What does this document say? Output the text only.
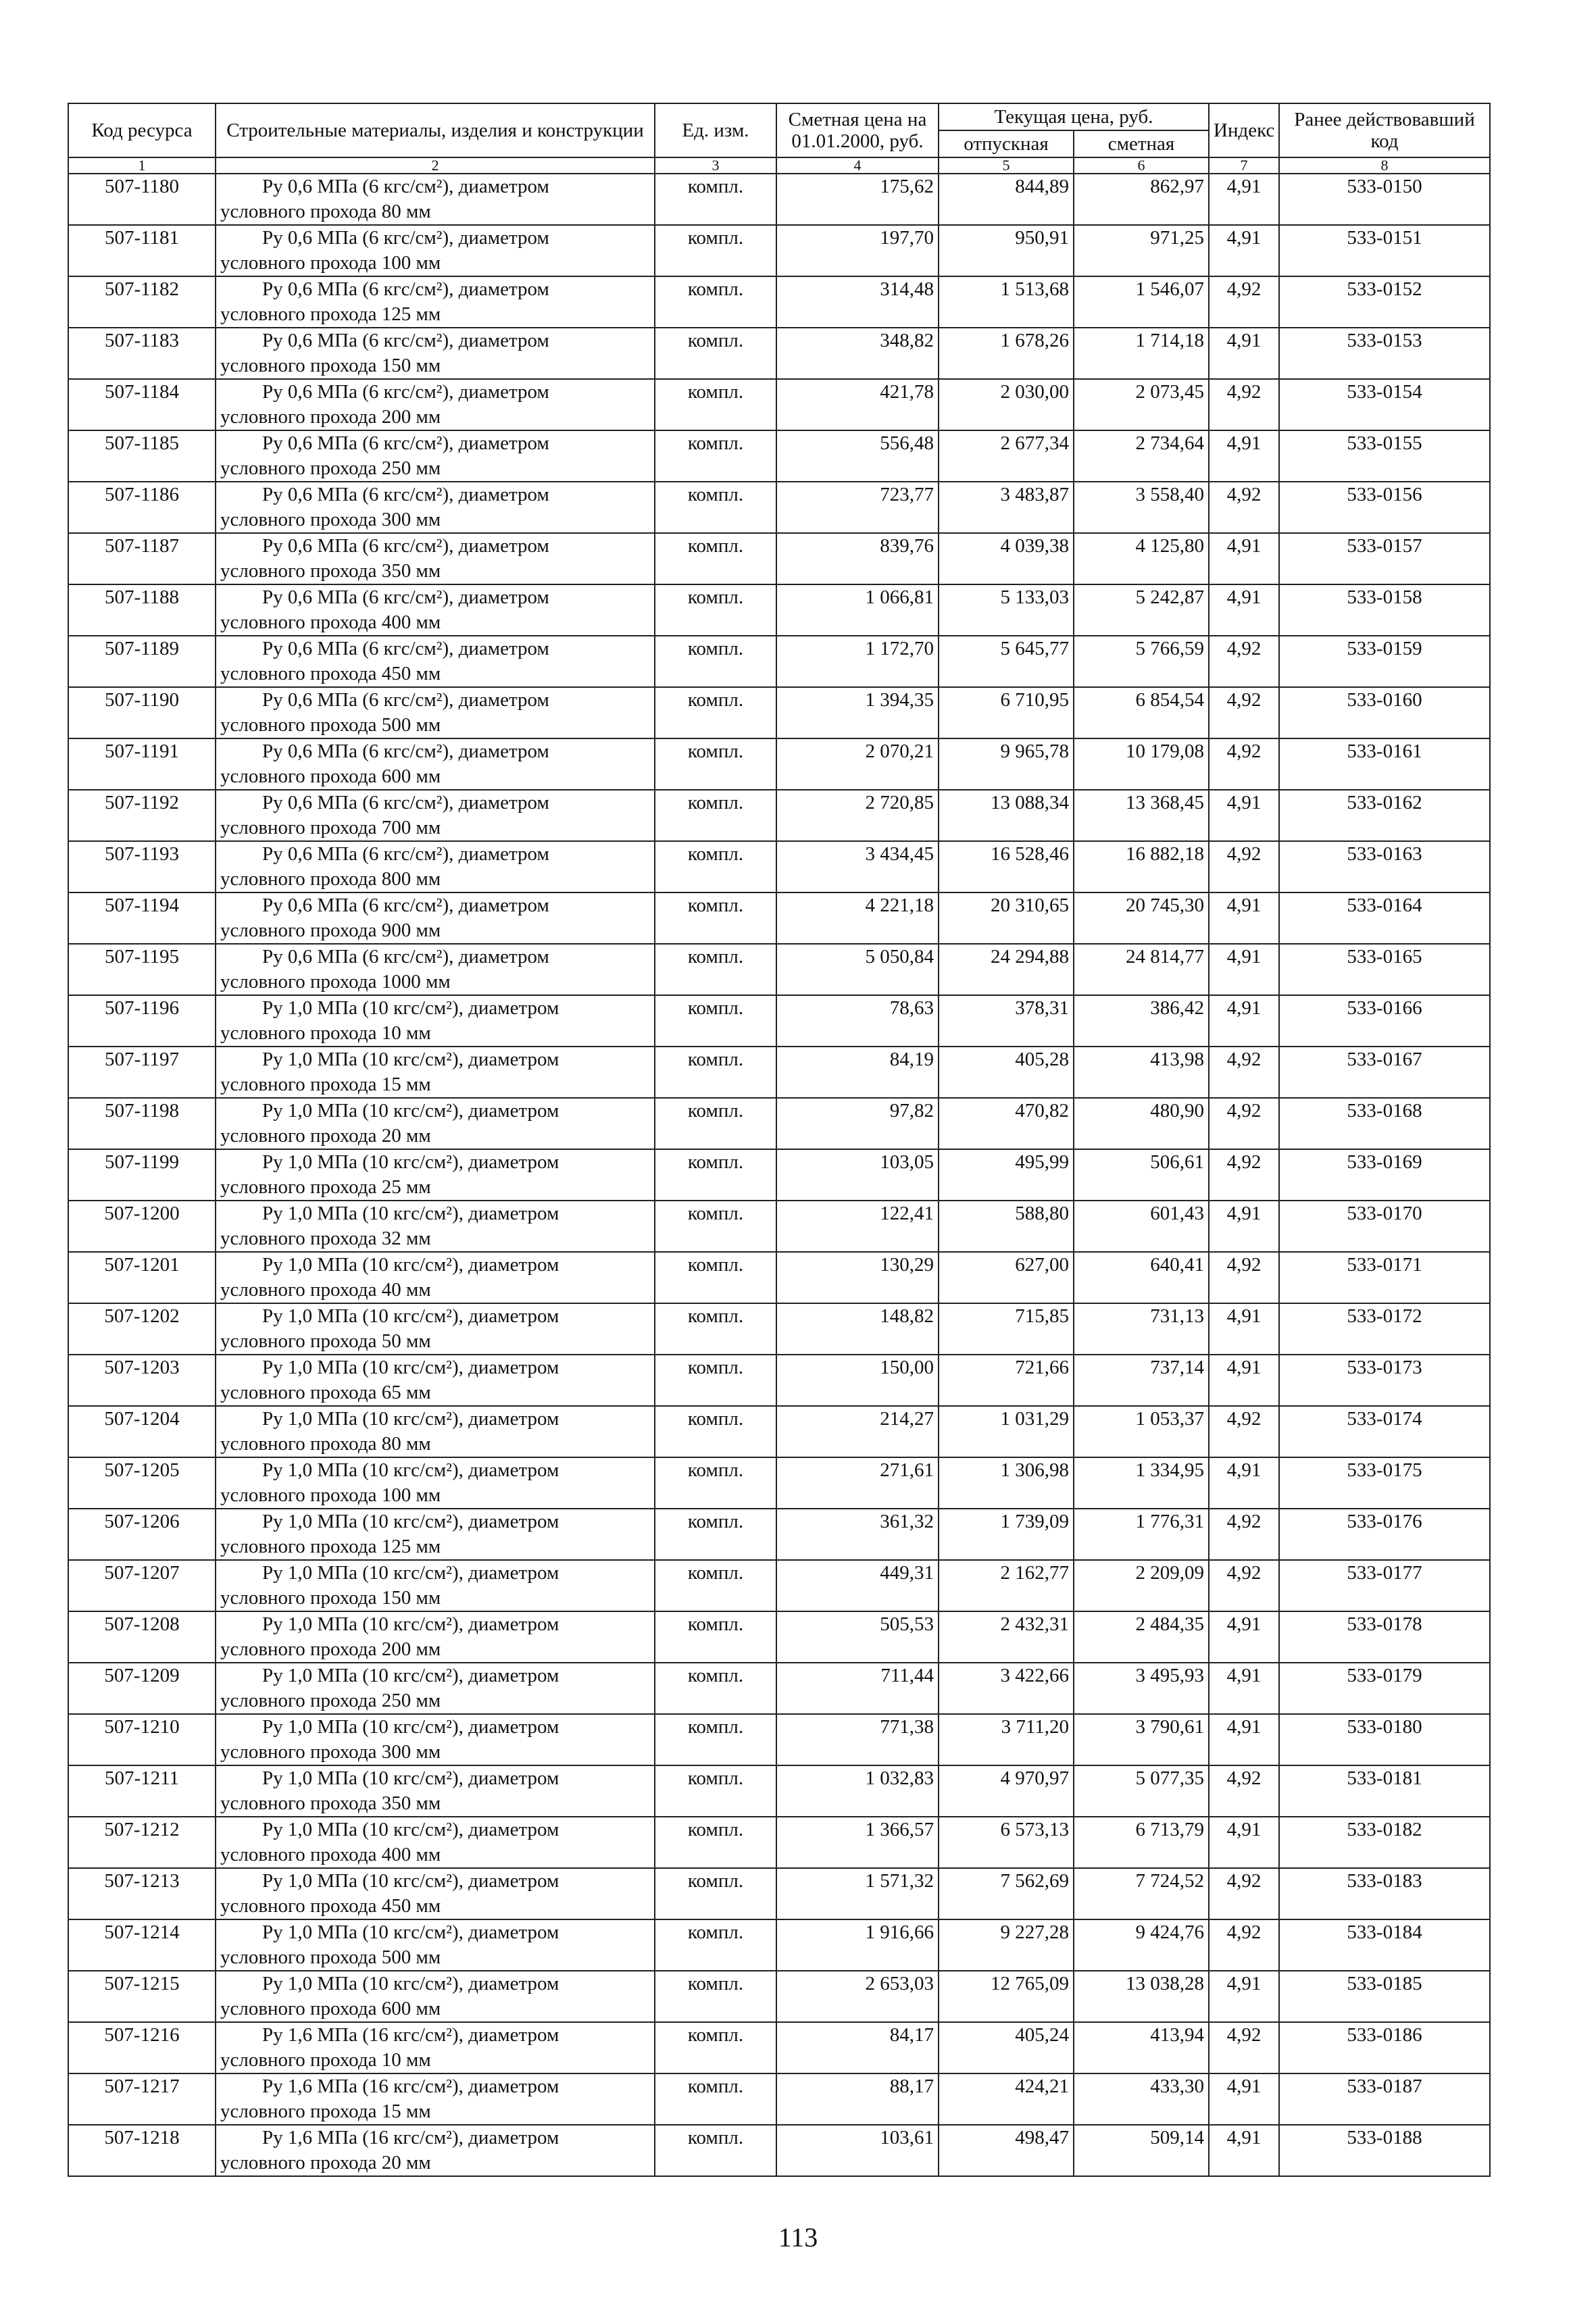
Код ресурса	Строительные материалы, изделия и конструкции	Ед. изм.	Сметная цена на 01.01.2000, руб.	Текущая цена, руб.		Индекс	Ранее действовавший код
				отпускная	сметная		
1	2	3	4	5	6	7	8
507-1180	Ру 0,6 МПа (6 кгс/см²), диаметром
условного прохода 80 мм	компл.	175,62	844,89	862,97	4,91	533-0150
507-1181	Ру 0,6 МПа (6 кгс/см²), диаметром
условного прохода 100 мм	компл.	197,70	950,91	971,25	4,91	533-0151
507-1182	Ру 0,6 МПа (6 кгс/см²), диаметром
условного прохода 125 мм	компл.	314,48	1 513,68	1 546,07	4,92	533-0152
507-1183	Ру 0,6 МПа (6 кгс/см²), диаметром
условного прохода 150 мм	компл.	348,82	1 678,26	1 714,18	4,91	533-0153
507-1184	Ру 0,6 МПа (6 кгс/см²), диаметром
условного прохода 200 мм	компл.	421,78	2 030,00	2 073,45	4,92	533-0154
507-1185	Ру 0,6 МПа (6 кгс/см²), диаметром
условного прохода 250 мм	компл.	556,48	2 677,34	2 734,64	4,91	533-0155
507-1186	Ру 0,6 МПа (6 кгс/см²), диаметром
условного прохода 300 мм	компл.	723,77	3 483,87	3 558,40	4,92	533-0156
507-1187	Ру 0,6 МПа (6 кгс/см²), диаметром
условного прохода 350 мм	компл.	839,76	4 039,38	4 125,80	4,91	533-0157
507-1188	Ру 0,6 МПа (6 кгс/см²), диаметром
условного прохода 400 мм	компл.	1 066,81	5 133,03	5 242,87	4,91	533-0158
507-1189	Ру 0,6 МПа (6 кгс/см²), диаметром
условного прохода 450 мм	компл.	1 172,70	5 645,77	5 766,59	4,92	533-0159
507-1190	Ру 0,6 МПа (6 кгс/см²), диаметром
условного прохода 500 мм	компл.	1 394,35	6 710,95	6 854,54	4,92	533-0160
507-1191	Ру 0,6 МПа (6 кгс/см²), диаметром
условного прохода 600 мм	компл.	2 070,21	9 965,78	10 179,08	4,92	533-0161
507-1192	Ру 0,6 МПа (6 кгс/см²), диаметром
условного прохода 700 мм	компл.	2 720,85	13 088,34	13 368,45	4,91	533-0162
507-1193	Ру 0,6 МПа (6 кгс/см²), диаметром
условного прохода 800 мм	компл.	3 434,45	16 528,46	16 882,18	4,92	533-0163
507-1194	Ру 0,6 МПа (6 кгс/см²), диаметром
условного прохода 900 мм	компл.	4 221,18	20 310,65	20 745,30	4,91	533-0164
507-1195	Ру 0,6 МПа (6 кгс/см²), диаметром
условного прохода 1000 мм	компл.	5 050,84	24 294,88	24 814,77	4,91	533-0165
507-1196	Ру 1,0 МПа (10 кгс/см²), диаметром
условного прохода 10 мм	компл.	78,63	378,31	386,42	4,91	533-0166
507-1197	Ру 1,0 МПа (10 кгс/см²), диаметром
условного прохода 15 мм	компл.	84,19	405,28	413,98	4,92	533-0167
507-1198	Ру 1,0 МПа (10 кгс/см²), диаметром
условного прохода 20 мм	компл.	97,82	470,82	480,90	4,92	533-0168
507-1199	Ру 1,0 МПа (10 кгс/см²), диаметром
условного прохода 25 мм	компл.	103,05	495,99	506,61	4,92	533-0169
507-1200	Ру 1,0 МПа (10 кгс/см²), диаметром
условного прохода 32 мм	компл.	122,41	588,80	601,43	4,91	533-0170
507-1201	Ру 1,0 МПа (10 кгс/см²), диаметром
условного прохода 40 мм	компл.	130,29	627,00	640,41	4,92	533-0171
507-1202	Ру 1,0 МПа (10 кгс/см²), диаметром
условного прохода 50 мм	компл.	148,82	715,85	731,13	4,91	533-0172
507-1203	Ру 1,0 МПа (10 кгс/см²), диаметром
условного прохода 65 мм	компл.	150,00	721,66	737,14	4,91	533-0173
507-1204	Ру 1,0 МПа (10 кгс/см²), диаметром
условного прохода 80 мм	компл.	214,27	1 031,29	1 053,37	4,92	533-0174
507-1205	Ру 1,0 МПа (10 кгс/см²), диаметром
условного прохода 100 мм	компл.	271,61	1 306,98	1 334,95	4,91	533-0175
507-1206	Ру 1,0 МПа (10 кгс/см²), диаметром
условного прохода 125 мм	компл.	361,32	1 739,09	1 776,31	4,92	533-0176
507-1207	Ру 1,0 МПа (10 кгс/см²), диаметром
условного прохода 150 мм	компл.	449,31	2 162,77	2 209,09	4,92	533-0177
507-1208	Ру 1,0 МПа (10 кгс/см²), диаметром
условного прохода 200 мм	компл.	505,53	2 432,31	2 484,35	4,91	533-0178
507-1209	Ру 1,0 МПа (10 кгс/см²), диаметром
условного прохода 250 мм	компл.	711,44	3 422,66	3 495,93	4,91	533-0179
507-1210	Ру 1,0 МПа (10 кгс/см²), диаметром
условного прохода 300 мм	компл.	771,38	3 711,20	3 790,61	4,91	533-0180
507-1211	Ру 1,0 МПа (10 кгс/см²), диаметром
условного прохода 350 мм	компл.	1 032,83	4 970,97	5 077,35	4,92	533-0181
507-1212	Ру 1,0 МПа (10 кгс/см²), диаметром
условного прохода 400 мм	компл.	1 366,57	6 573,13	6 713,79	4,91	533-0182
507-1213	Ру 1,0 МПа (10 кгс/см²), диаметром
условного прохода 450 мм	компл.	1 571,32	7 562,69	7 724,52	4,92	533-0183
507-1214	Ру 1,0 МПа (10 кгс/см²), диаметром
условного прохода 500 мм	компл.	1 916,66	9 227,28	9 424,76	4,92	533-0184
507-1215	Ру 1,0 МПа (10 кгс/см²), диаметром
условного прохода 600 мм	компл.	2 653,03	12 765,09	13 038,28	4,91	533-0185
507-1216	Ру 1,6 МПа (16 кгс/см²), диаметром
условного прохода 10 мм	компл.	84,17	405,24	413,94	4,92	533-0186
507-1217	Ру 1,6 МПа (16 кгс/см²), диаметром
условного прохода 15 мм	компл.	88,17	424,21	433,30	4,91	533-0187
507-1218	Ру 1,6 МПа (16 кгс/см²), диаметром
условного прохода 20 мм	компл.	103,61	498,47	509,14	4,91	533-0188
113
